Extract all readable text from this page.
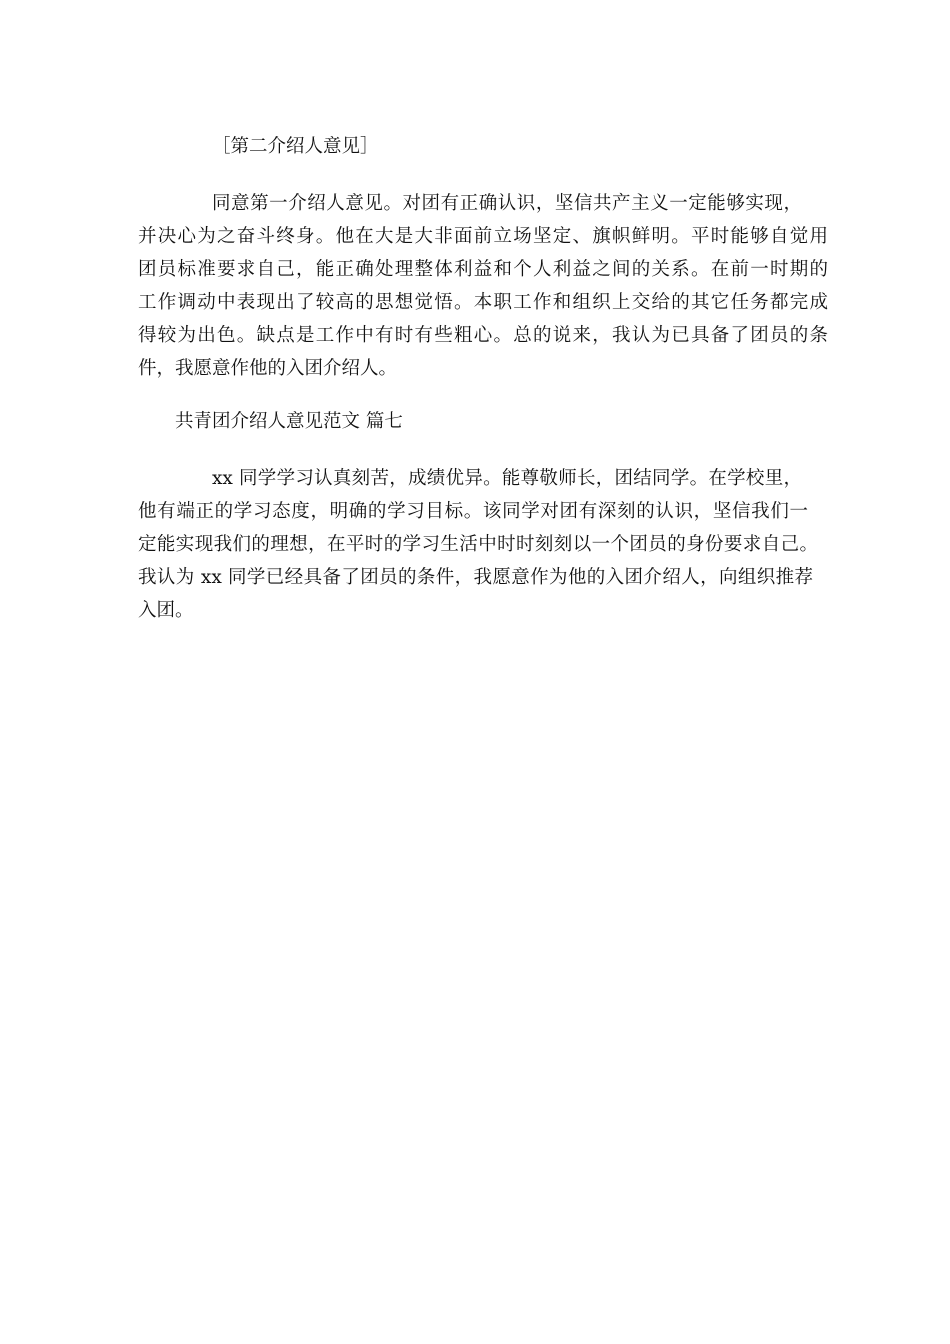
［第二介绍人意见］
同意第一介绍人意见。对团有正确认识，坚信共产主义一定能够实现，
并决心为之奋斗终身。他在大是大非面前立场坚定、旗帜鲜明。平时能够自觉用
团员标准要求自己，能正确处理整体利益和个人利益之间的关系。在前一时期的
工作调动中表现出了较高的思想觉悟。本职工作和组织上交给的其它任务都完成
得较为出色。缺点是工作中有时有些粗心。总的说来，我认为已具备了团员的条
件，我愿意作他的入团介绍人。
共青团介绍人意见范文 篇七
xx 同学学习认真刻苦，成绩优异。能尊敬师长，团结同学。在学校里，
他有端正的学习态度，明确的学习目标。该同学对团有深刻的认识，坚信我们一
定能实现我们的理想，在平时的学习生活中时时刻刻以一个团员的身份要求自己。
我认为 xx 同学已经具备了团员的条件，我愿意作为他的入团介绍人，向组织推荐
入团。
